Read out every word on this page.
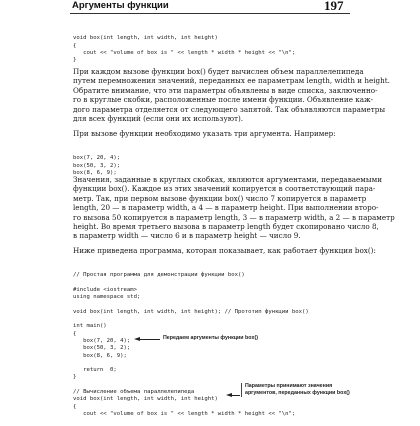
Аргументы функции	197

void box(int length, int width, int height)
{
cout << "volume of box is " << length * width * height << "\n";
}

При каждом вызове функции box() будет вычислен объем параллелепипеда
путем перемножения значений, переданных ее параметрам length, width и height.
Обратите внимание, что эти параметры объявлены в виде списка, заключенно-
го в круглые скобки, расположенные после имени функции. Объявление каж-
дого параметра отделяется от следующего запятой. Так объявляются параметры
для всех функций (если они их используют).
При вызове функции необходимо указать три аргумента. Например:

box(7, 20, 4);
box(50, 3, 2);
box(8, 6, 9);

Значения, заданные в круглых скобках, являются аргументами, передаваемыми
функции box(). Каждое из этих значений копируется в соответствующий пара-
метр. Так, при первом вызове функции box() число 7 копируется в параметр
length, 20 — в параметр width, а 4 — в параметр height. При выполнении второ-
го вызова 50 копируется в параметр length, 3 — в параметр width, а 2 — в параметр
height. Во время третьего вызова в параметр length будет скопировано число 8,
в параметр width — число 6 и в параметр height — число 9.
Ниже приведена программа, которая показывает, как работает функция box():

// Простая программа для демонстрации функции box()

#include <iostream>
using namespace std;

void box(int length, int width, int height); // Прототип функции box()

int main()
{
box(7, 20, 4);
box(50, 3, 2);
box(8, 6, 9);

return  0;
}

// Вычисление объема параллелепипеда
void box(int length, int width, int height)
{
cout << "volume of box is " << length * width * height << "\n";

Передаем аргументы функции box()
Параметры принимают значения
аргументов, переданных функции box()
